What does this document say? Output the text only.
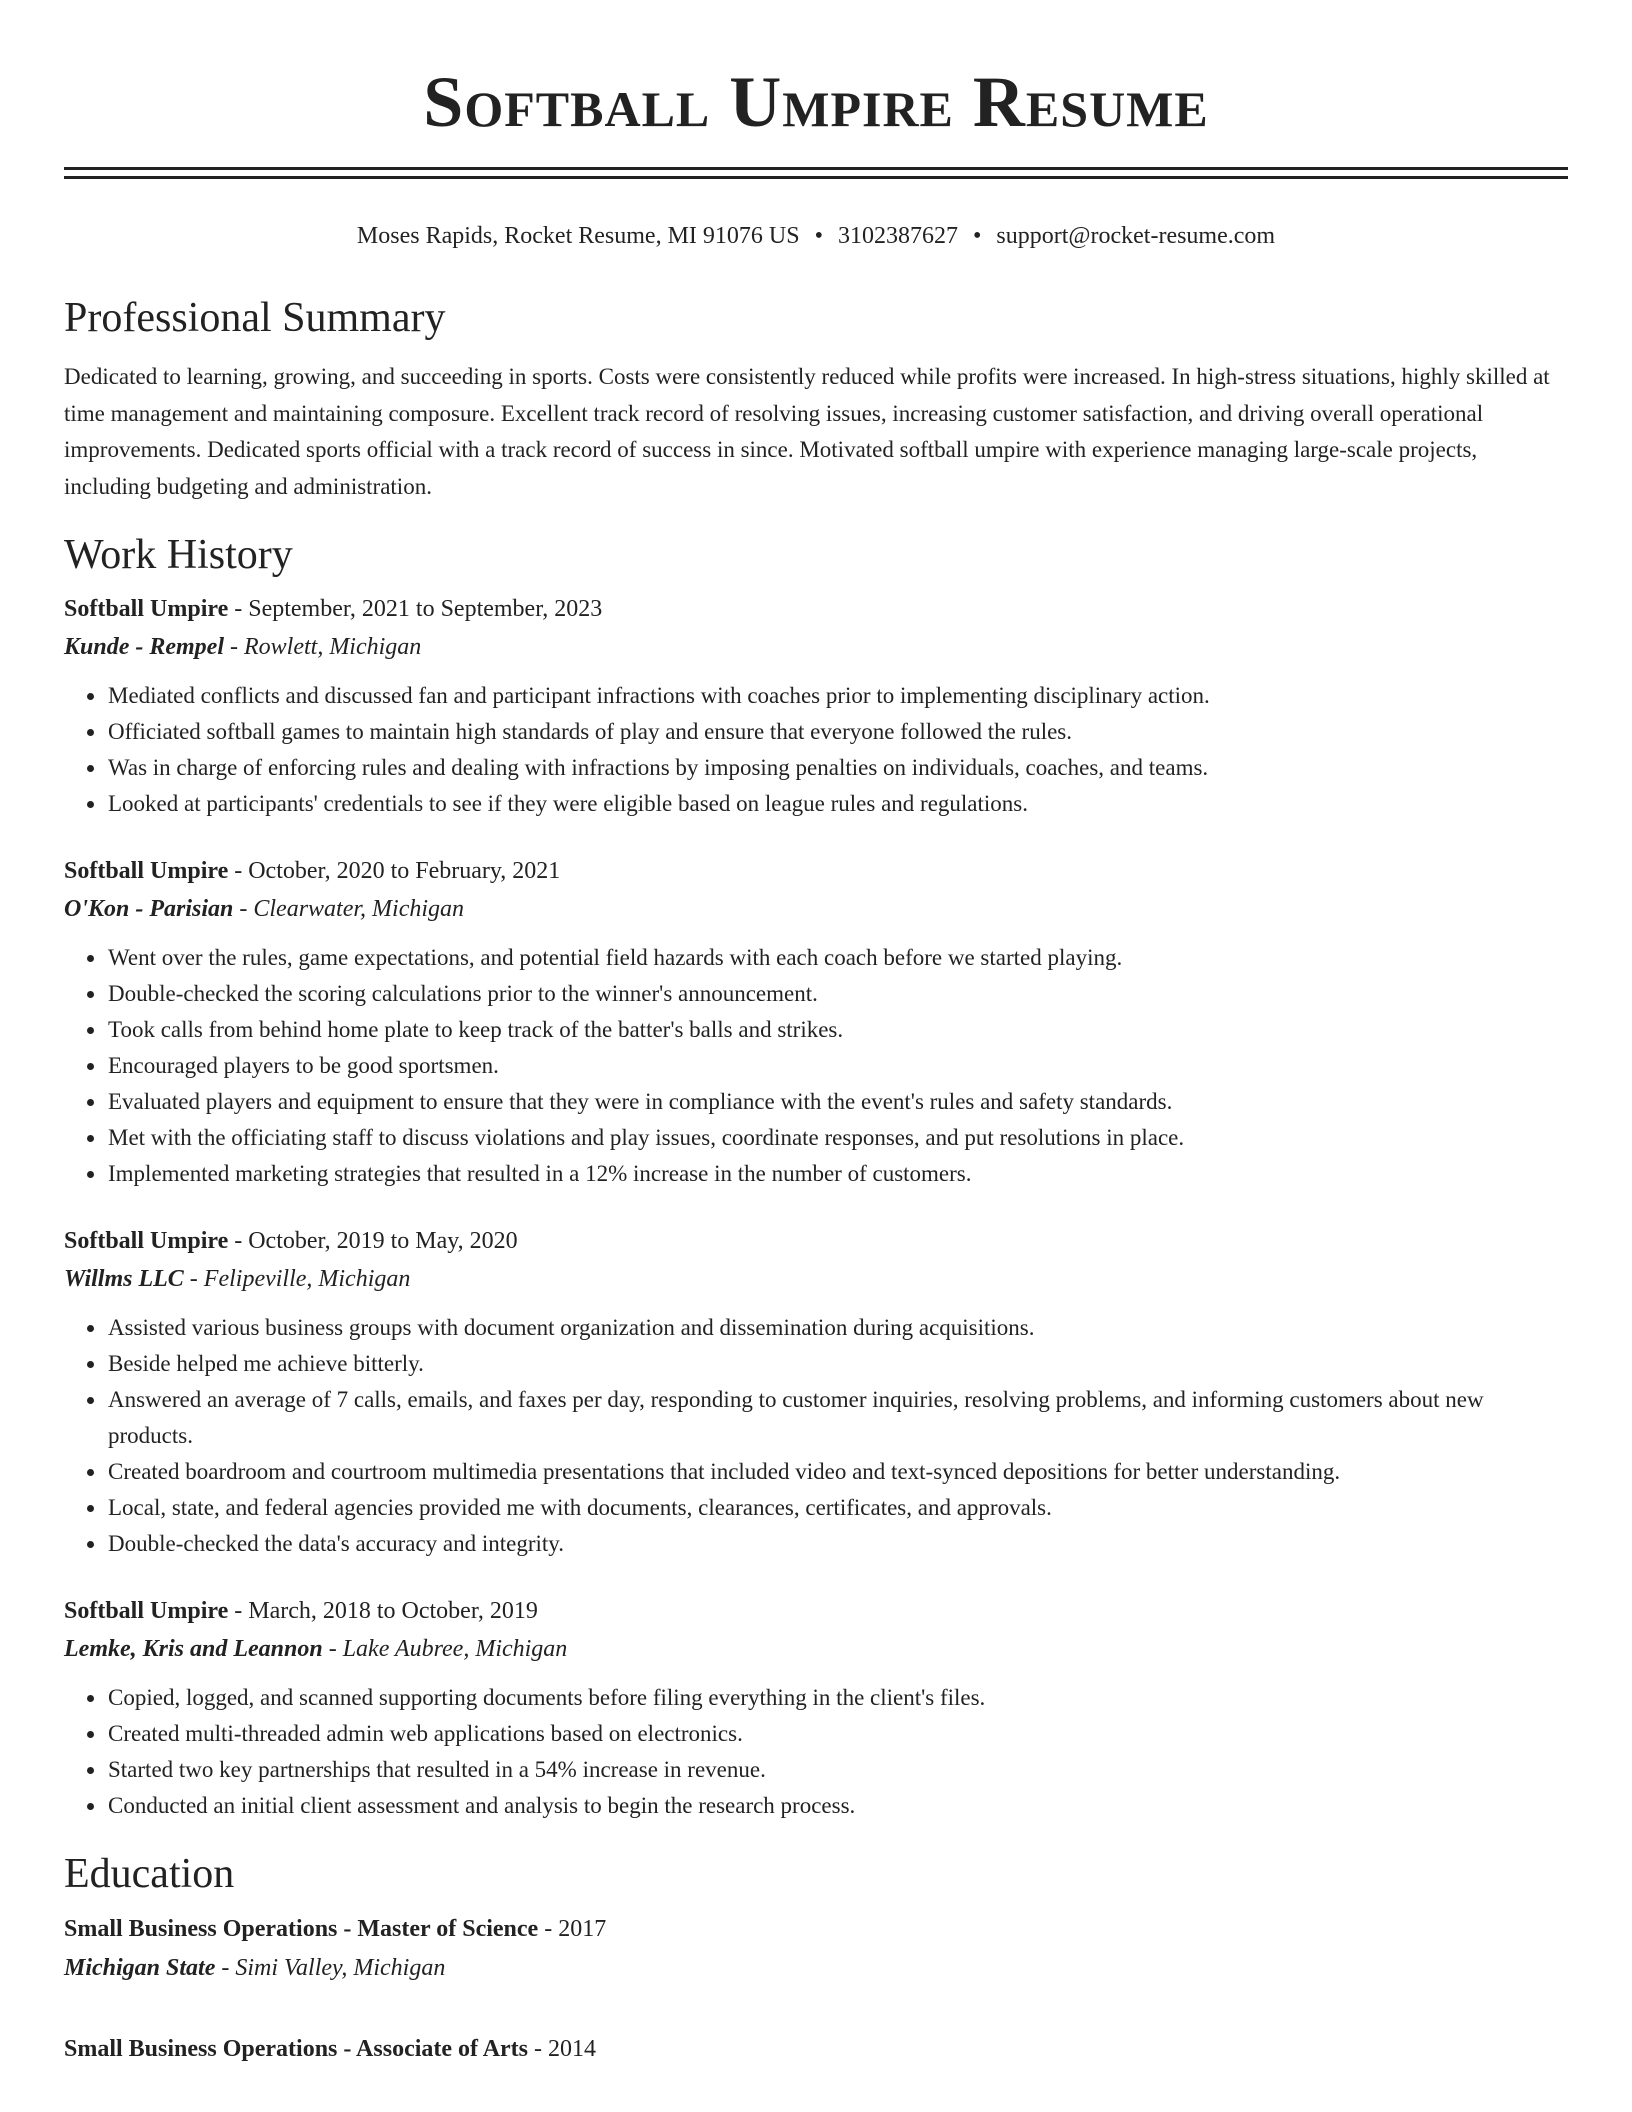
Softball Umpire Resume
Moses Rapids, Rocket Resume, MI 91076 US • 3102387627 • support@rocket-resume.com
Professional Summary

Dedicated to learning, growing, and succeeding in sports. Costs were consistently reduced while profits were increased. In high-stress situations, highly skilled at time management and maintaining composure. Excellent track record of resolving issues, increasing customer satisfaction, and driving overall operational improvements. Dedicated sports official with a track record of success in since. Motivated softball umpire with experience managing large-scale projects, including budgeting and administration.

Work History
Softball Umpire - September, 2021 to September, 2023
Kunde - Rempel - Rowlett, Michigan
• Mediated conflicts and discussed fan and participant infractions with coaches prior to implementing disciplinary action.
• Officiated softball games to maintain high standards of play and ensure that everyone followed the rules.
• Was in charge of enforcing rules and dealing with infractions by imposing penalties on individuals, coaches, and teams.
• Looked at participants' credentials to see if they were eligible based on league rules and regulations.
Softball Umpire - October, 2020 to February, 2021
O'Kon - Parisian - Clearwater, Michigan
• Went over the rules, game expectations, and potential field hazards with each coach before we started playing.
• Double-checked the scoring calculations prior to the winner's announcement.
• Took calls from behind home plate to keep track of the batter's balls and strikes.
• Encouraged players to be good sportsmen.
• Evaluated players and equipment to ensure that they were in compliance with the event's rules and safety standards.
• Met with the officiating staff to discuss violations and play issues, coordinate responses, and put resolutions in place.
• Implemented marketing strategies that resulted in a 12% increase in the number of customers.
Softball Umpire - October, 2019 to May, 2020
Willms LLC - Felipeville, Michigan
• Assisted various business groups with document organization and dissemination during acquisitions.
• Beside helped me achieve bitterly.
• Answered an average of 7 calls, emails, and faxes per day, responding to customer inquiries, resolving problems, and informing customers about new products.
• Created boardroom and courtroom multimedia presentations that included video and text-synced depositions for better understanding.
• Local, state, and federal agencies provided me with documents, clearances, certificates, and approvals.
• Double-checked the data's accuracy and integrity.
Softball Umpire - March, 2018 to October, 2019
Lemke, Kris and Leannon - Lake Aubree, Michigan
• Copied, logged, and scanned supporting documents before filing everything in the client's files.
• Created multi-threaded admin web applications based on electronics.
• Started two key partnerships that resulted in a 54% increase in revenue.
• Conducted an initial client assessment and analysis to begin the research process.
Education
Small Business Operations - Master of Science - 2017
Michigan State - Simi Valley, Michigan
Small Business Operations - Associate of Arts - 2014
